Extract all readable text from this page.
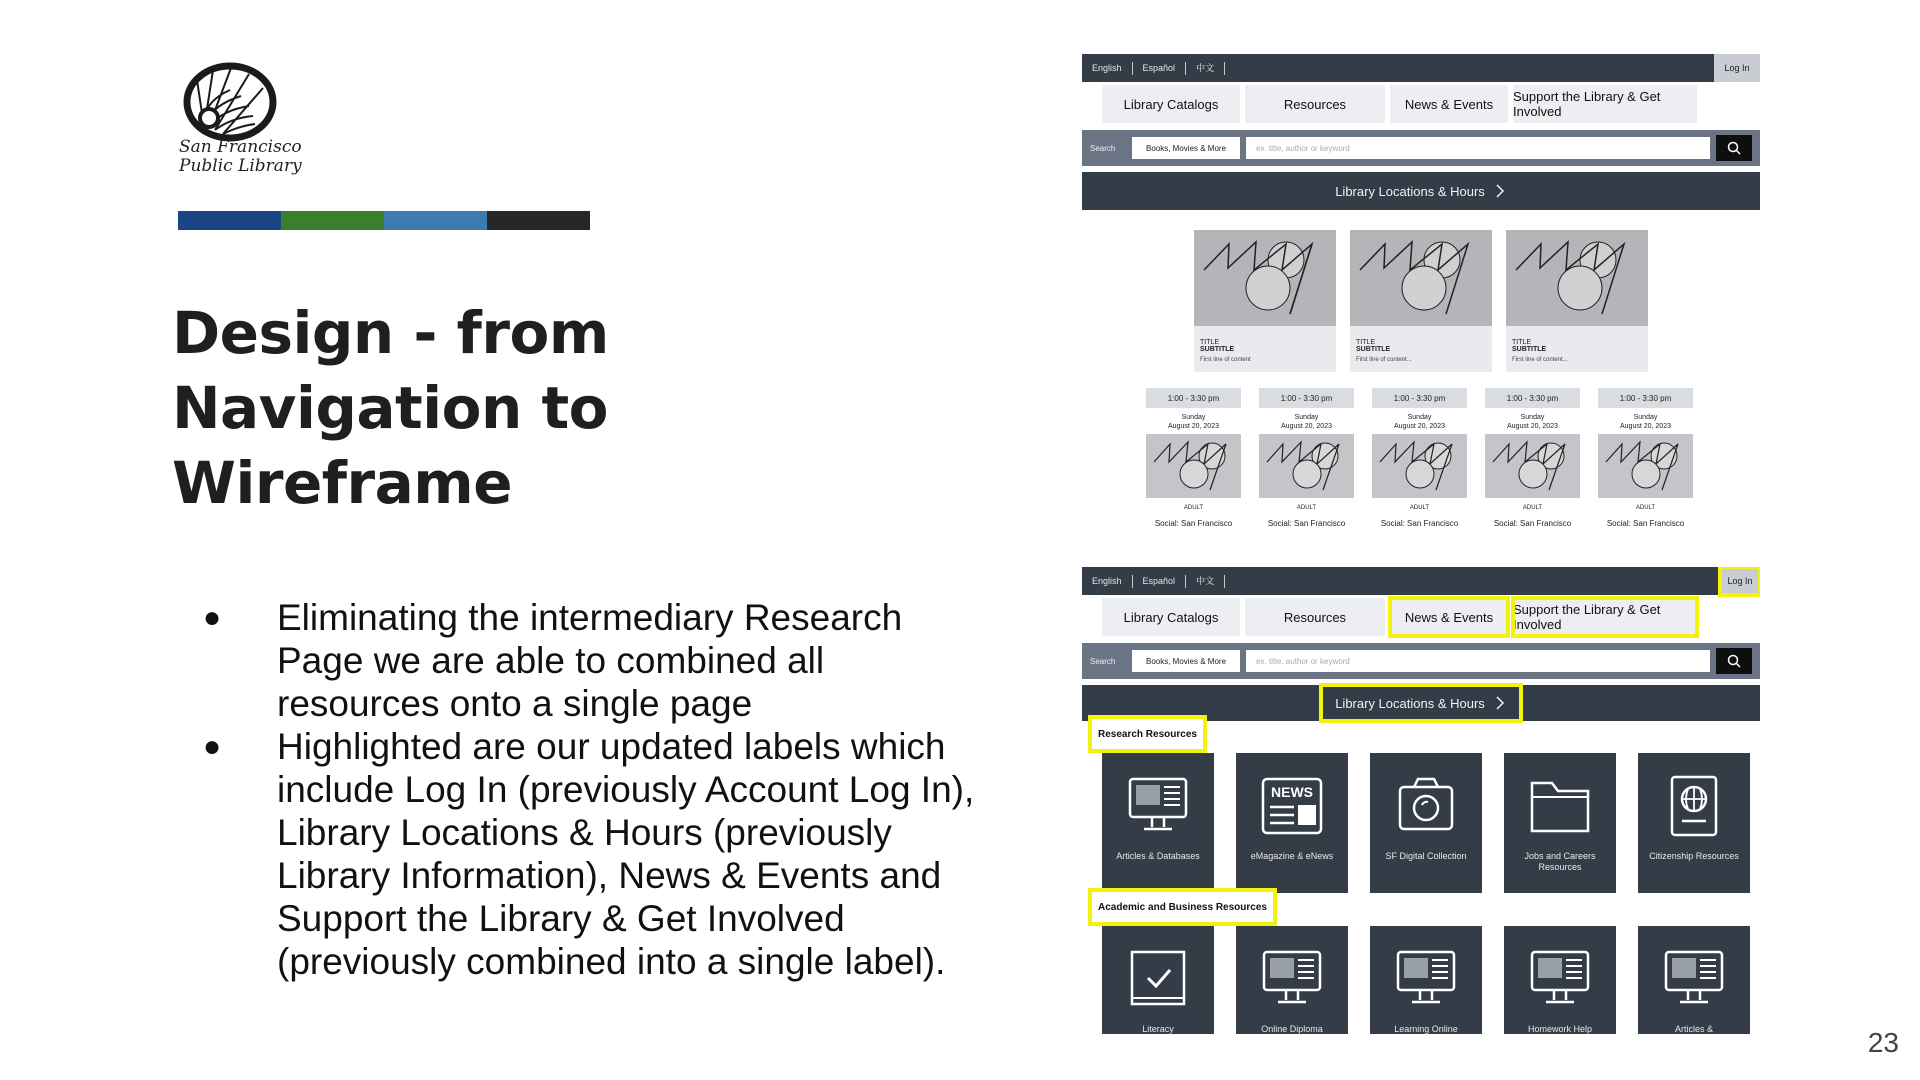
San Francisco
Public Library
Design - from
Navigation to
Wireframe
●	Eliminating the intermediary Research Page we are able to combined all resources onto a single page
●	Highlighted are our updated labels which include Log In (previously Account Log In), Library Locations & Hours (previously Library Information), News & Events and Support the Library & Get Involved (previously combined into a single label).
23
English	Español	中文	Log In
Library Catalogs	Resources	News & Events	Support the Library & Get Involved
Search	Books, Movies & More	ex. title, author or keyword
Library Locations & Hours
TITLE
SUBTITLE
First line of content
TITLE
SUBTITLE
First line of content...
TITLE
SUBTITLE
First line of content...
1:00 - 3:30 pm
Sunday
August 20, 2023
ADULT
Social: San Francisco
1:00 - 3:30 pm
Sunday
August 20, 2023
ADULT
Social: San Francisco
1:00 - 3:30 pm
Sunday
August 20, 2023
ADULT
Social: San Francisco
1:00 - 3:30 pm
Sunday
August 20, 2023
ADULT
Social: San Francisco
1:00 - 3:30 pm
Sunday
August 20, 2023
ADULT
Social: San Francisco
English	Español	中文	Log In
Library Catalogs	Resources	News & Events	Support the Library & Get Involved
Search	Books, Movies & More	ex. title, author or keyword
Library Locations & Hours
Research Resources
Articles & Databases
NEWS
eMagazine & eNews	SF Digital Collection	Jobs and Careers Resources
Citizenship Resources
Academic and Business Resources
Literacy	Online Diploma	Learning Online	Homework Help	Articles &
